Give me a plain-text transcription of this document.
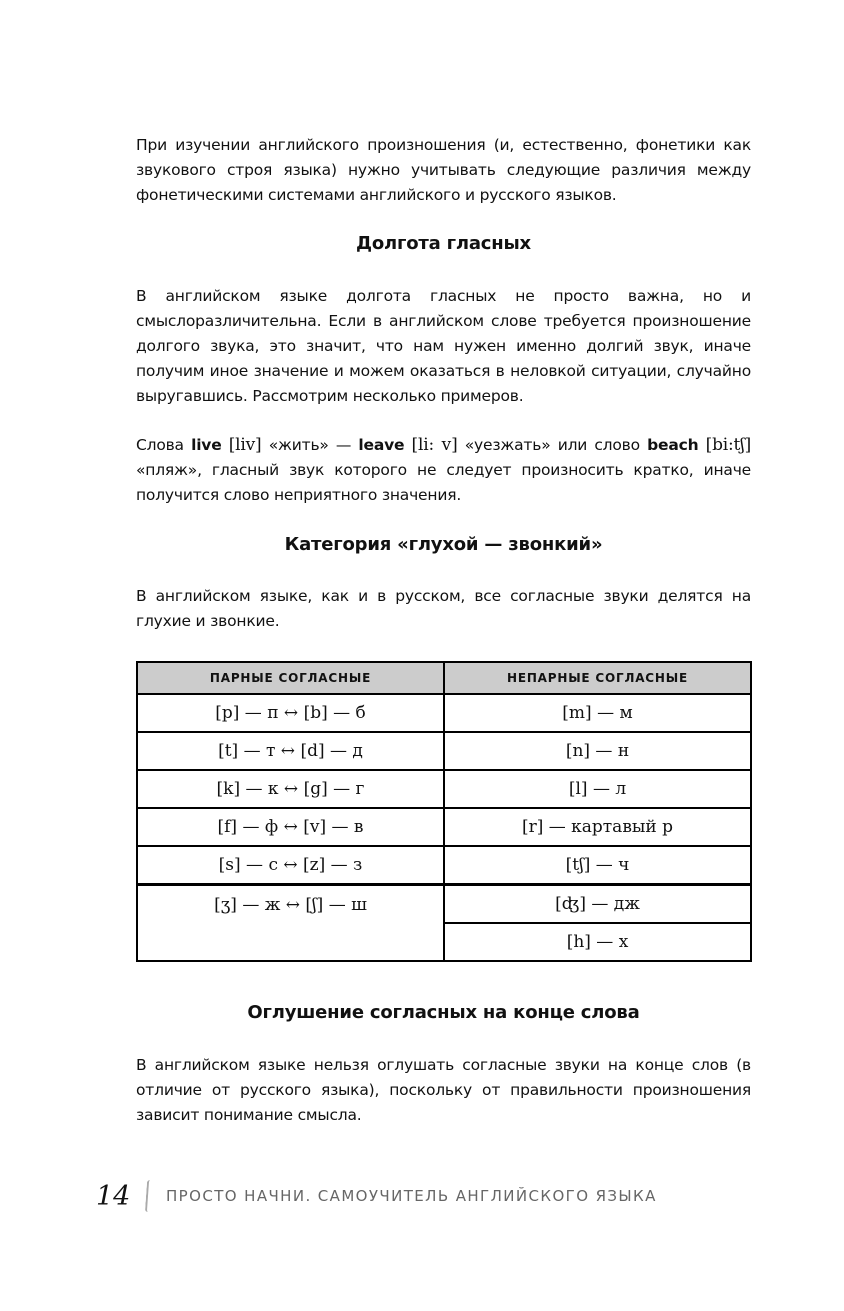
При изучении английского произношения (и, естественно, фонетики как звукового строя языка) нужно учитывать следующие различия между фонетическими системами английского и русского языков.

Долгота гласных

В английском языке долгота гласных не просто важна, но и смыслоразличительна. Если в английском слове требуется произношение долгого звука, это значит, что нам нужен именно долгий звук, иначе получим иное значение и можем оказаться в неловкой ситуации, случайно выругавшись. Рассмотрим несколько примеров.

Слова live [liv] «жить» — leave [li: v] «уезжать» или слово beach [bi:tʃ] «пляж», гласный звук которого не следует произносить кратко, иначе получится слово неприятного значения.

Категория «глухой — звонкий»

В английском языке, как и в русском, все согласные звуки делятся на глухие и звонкие.

ПАРНЫЕ СОГЛАСНЫЕ	НЕПАРНЫЕ СОГЛАСНЫЕ
[p] — п ↔ [b] — б	[m] — м
[t] — т ↔ [d] — д	[n] — н
[k] — к ↔ [g] — г	[l] — л
[f] — ф ↔ [v] — в	[r] — картавый р
[s] — с ↔ [z] — з	[tʃ] — ч
[ʒ] — ж ↔ [ʃ] — ш	[ʤ] — дж
	[h] — х
Оглушение согласных на конце слова

В английском языке нельзя оглушать согласные звуки на конце слов (в отличие от русского языка), поскольку от правильности произношения зависит понимание смысла.

14	ПРОСТО НАЧНИ. САМОУЧИТЕЛЬ АНГЛИЙСКОГО ЯЗЫКА
